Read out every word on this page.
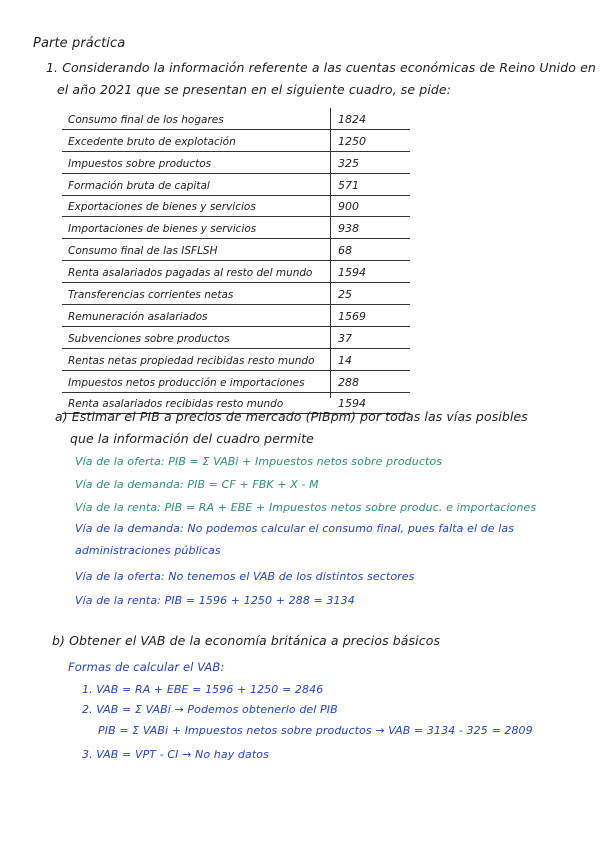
Parte práctica
1. Considerando la información referente a las cuentas económicas de Reino Unido en
el año 2021 que se presentan en el siguiente cuadro, se pide:
Consumo final de los hogares	1824
Excedente bruto de explotación	1250
Impuestos sobre productos	325
Formación bruta de capital	571
Exportaciones de bienes y servicios	900
Importaciones de bienes y servicios	938
Consumo final de las ISFLSH	68
Renta asalariados pagadas al resto del mundo 1594
Transferencias corrientes netas	25
Remuneración asalariados	1569
Subvenciones sobre productos	37
Rentas netas propiedad recibidas resto mundo 14
Impuestos netos producción e importaciones	288
Renta asalariados recibidas resto mundo	1594
a) Estimar el PIB a precios de mercado (PIBpm) por todas las vías posibles
que la información del cuadro permite
Vía de la oferta: PIB = Σ VABi + Impuestos netos sobre productos
Vía de la demanda: PIB = CF + FBK + X - M
Vía de la renta: PIB = RA + EBE + Impuestos netos sobre produc. e importaciones
Vía de la demanda: No podemos calcular el consumo final, pues falta el de las
administraciones públicas
Vía de la oferta: No tenemos el VAB de los distintos sectores
Vía de la renta: PIB = 1596 + 1250 + 288 = 3134
b) Obtener el VAB de la economía británica a precios básicos
Formas de calcular el VAB:
1. VAB = RA + EBE = 1596 + 1250 = 2846
2. VAB = Σ VABi → Podemos obtenerlo del PIB
PIB = Σ VABi + Impuestos netos sobre productos → VAB = 3134 - 325 = 2809
3. VAB = VPT - CI → No hay datos
